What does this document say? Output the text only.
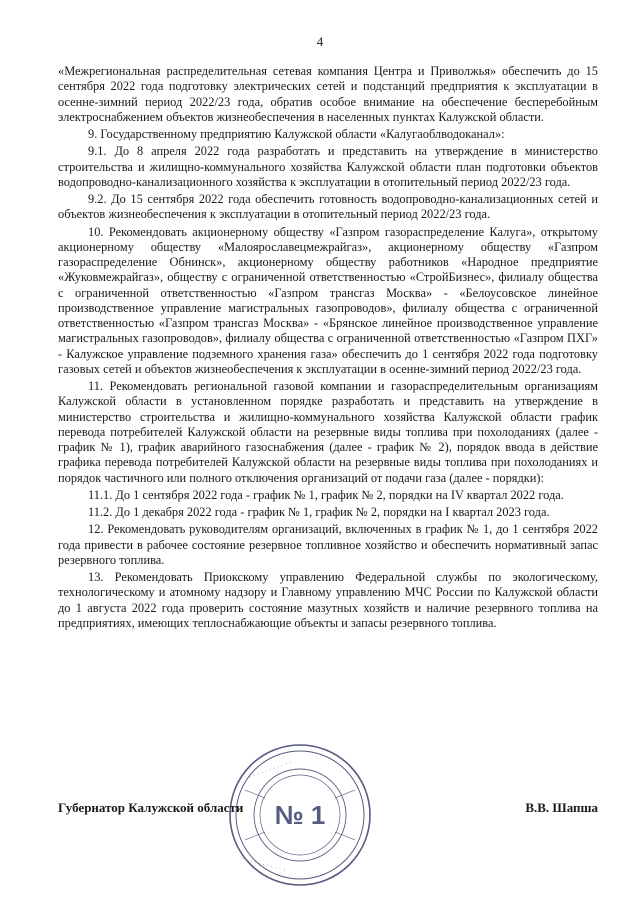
4

«Межрегиональная распределительная сетевая компания Центра и Приволжья» обеспечить до 15 сентября 2022 года подготовку электрических сетей и подстанций предприятия к эксплуатации в осенне-зимний период 2022/23 года, обратив особое внимание на обеспечение бесперебойным электроснабжением объектов жизнеобеспечения в населенных пунктах Калужской области.

9. Государственному предприятию Калужской области «Калугаоблводоканал»:

9.1. До 8 апреля 2022 года разработать и представить на утверждение в министерство строительства и жилищно-коммунального хозяйства Калужской области план подготовки объектов водопроводно-канализационного хозяйства к эксплуатации в отопительный период 2022/23 года.

9.2. До 15 сентября 2022 года обеспечить готовность водопроводно-канализационных сетей и объектов жизнеобеспечения к эксплуатации в отопительный период 2022/23 года.

10. Рекомендовать акционерному обществу «Газпром газораспределение Калуга», открытому акционерному обществу «Малоярославецмежрайгаз», акционерному обществу «Газпром газораспределение Обнинск», акционерному обществу работников «Народное предприятие «Жуковмежрайгаз», обществу с ограниченной ответственностью «СтройБизнес», филиалу общества с ограниченной ответственностью «Газпром трансгаз Москва» - «Белоусовское линейное производственное управление магистральных газопроводов», филиалу общества с ограниченной ответственностью «Газпром трансгаз Москва» - «Брянское линейное производственное управление магистральных газопроводов», филиалу общества с ограниченной ответственностью «Газпром ПХГ» - Калужское управление подземного хранения газа» обеспечить до 1 сентября 2022 года подготовку газовых сетей и объектов жизнеобеспечения к эксплуатации в осенне-зимний период 2022/23 года.

11. Рекомендовать региональной газовой компании и газораспределительным организациям Калужской области в установленном порядке разработать и представить на утверждение в министерство строительства и жилищно-коммунального хозяйства Калужской области график перевода потребителей Калужской области на резервные виды топлива при похолоданиях (далее - график № 1), график аварийного газоснабжения (далее - график № 2), порядок ввода в действие графика перевода потребителей Калужской области на резервные виды топлива при похолоданиях и порядок частичного или полного отключения организаций от подачи газа (далее - порядки):

11.1. До 1 сентября 2022 года - график № 1, график № 2, порядки на IV квартал 2022 года.

11.2. До 1 декабря 2022 года - график № 1, график № 2, порядки на I квартал 2023 года.

12. Рекомендовать руководителям организаций, включенных в график № 1, до 1 сентября 2022 года привести в рабочее состояние резервное топливное хозяйство и обеспечить нормативный запас резервного топлива.

13. Рекомендовать Приокскому управлению Федеральной службы по экологическому, технологическому и атомному надзору и Главному управлению МЧС России по Калужской области до 1 августа 2022 года проверить состояние мазутных хозяйств и наличие резервного топлива на предприятиях, имеющих теплоснабжающие объекты и запасы резервного топлива.

· · · · · · · · · · ·
· · · · · · · · · · ·
№ 1
Губернатор Калужской области	В.В. Шапша
